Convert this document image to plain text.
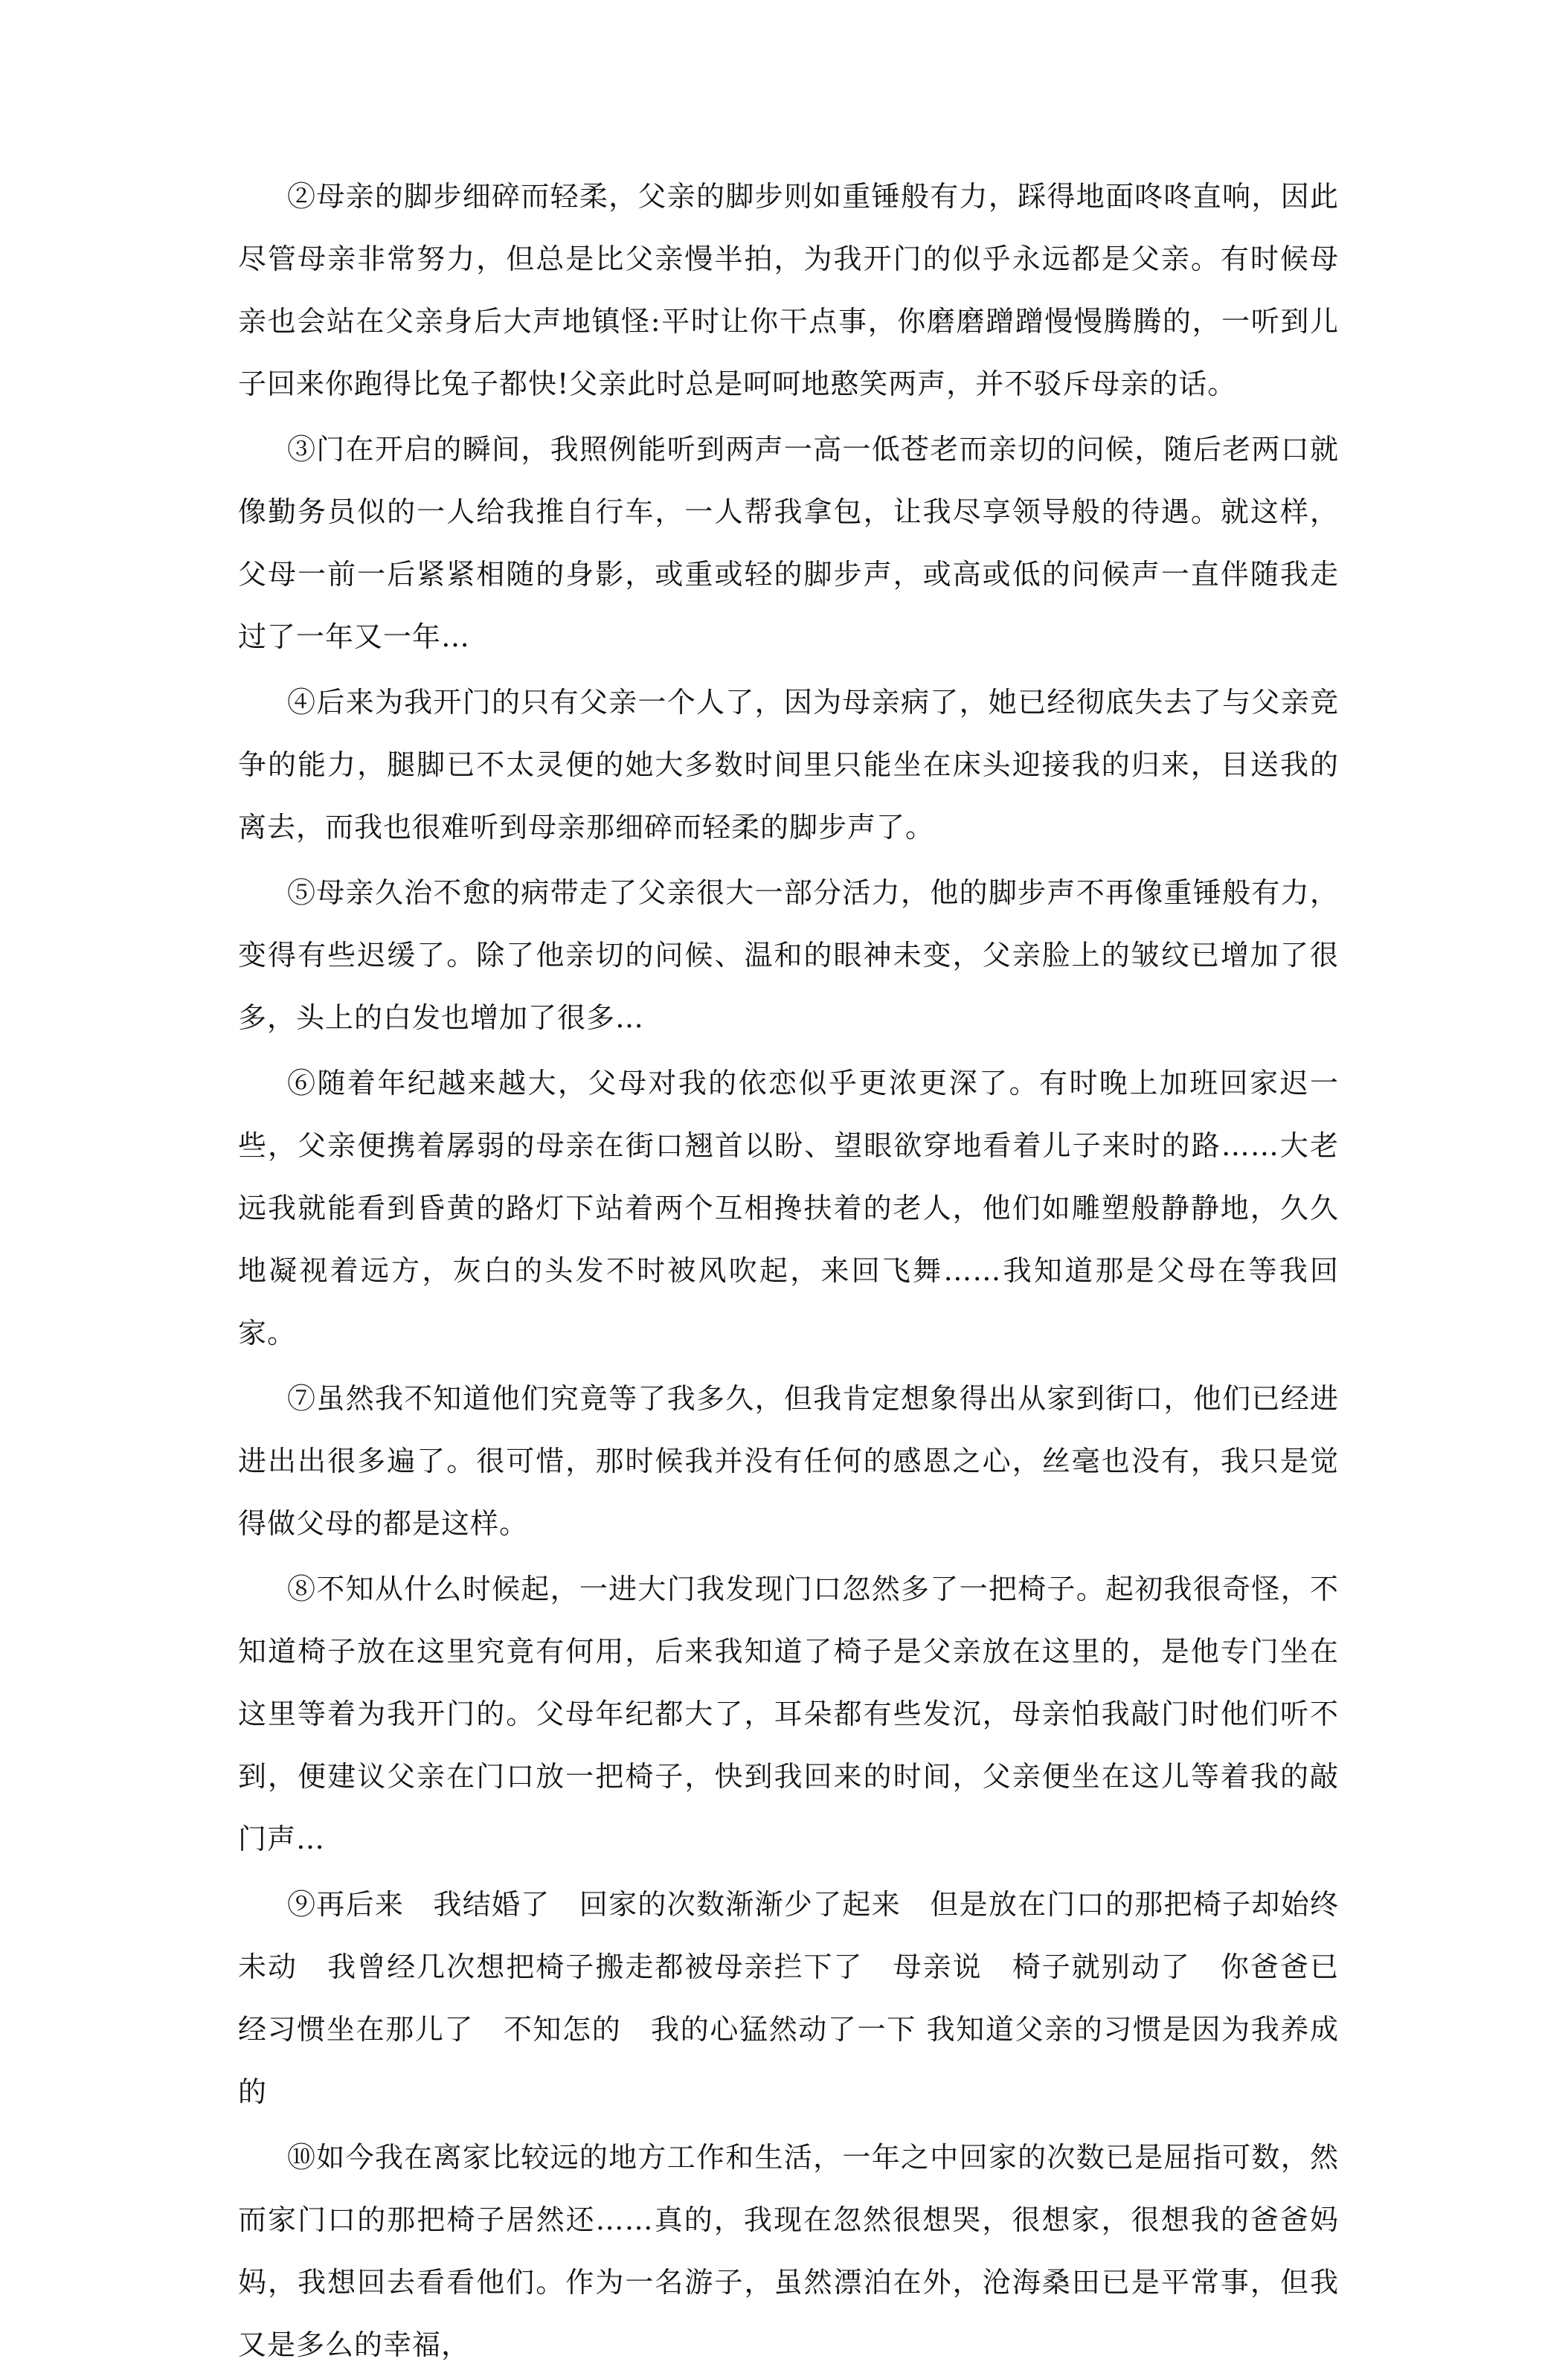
②母亲的脚步细碎而轻柔，父亲的脚步则如重锤般有力，踩得地面咚咚直响，因此尽管母亲非常努力，但总是比父亲慢半拍，为我开门的似乎永远都是父亲。有时候母亲也会站在父亲身后大声地镇怪:平时让你干点事，你磨磨蹭蹭慢慢腾腾的，一听到儿子回来你跑得比兔子都快!父亲此时总是呵呵地憨笑两声，并不驳斥母亲的话。

③门在开启的瞬间，我照例能听到两声一高一低苍老而亲切的问候，随后老两口就像勤务员似的一人给我推自行车，一人帮我拿包，让我尽享领导般的待遇。就这样，父母一前一后紧紧相随的身影，或重或轻的脚步声，或高或低的问候声一直伴随我走过了一年又一年…

④后来为我开门的只有父亲一个人了，因为母亲病了，她已经彻底失去了与父亲竞争的能力，腿脚已不太灵便的她大多数时间里只能坐在床头迎接我的归来，目送我的离去，而我也很难听到母亲那细碎而轻柔的脚步声了。

⑤母亲久治不愈的病带走了父亲很大一部分活力，他的脚步声不再像重锤般有力，变得有些迟缓了。除了他亲切的问候、温和的眼神未变，父亲脸上的皱纹已增加了很多，头上的白发也增加了很多…

⑥随着年纪越来越大，父母对我的依恋似乎更浓更深了。有时晚上加班回家迟一些，父亲便携着孱弱的母亲在街口翘首以盼、望眼欲穿地看着儿子来时的路……大老远我就能看到昏黄的路灯下站着两个互相搀扶着的老人，他们如雕塑般静静地，久久地凝视着远方，灰白的头发不时被风吹起，来回飞舞……我知道那是父母在等我回家。

⑦虽然我不知道他们究竟等了我多久，但我肯定想象得出从家到街口，他们已经进进出出很多遍了。很可惜，那时候我并没有任何的感恩之心，丝毫也没有，我只是觉得做父母的都是这样。

⑧不知从什么时候起，一进大门我发现门口忽然多了一把椅子。起初我很奇怪，不知道椅子放在这里究竟有何用，后来我知道了椅子是父亲放在这里的，是他专门坐在这里等着为我开门的。父母年纪都大了，耳朵都有些发沉，母亲怕我敲门时他们听不到，便建议父亲在门口放一把椅子，快到我回来的时间，父亲便坐在这儿等着我的敲门声…

⑨再后来　我结婚了　回家的次数渐渐少了起来　但是放在门口的那把椅子却始终未动　我曾经几次想把椅子搬走都被母亲拦下了　母亲说　椅子就别动了　你爸爸已经习惯坐在那儿了　不知怎的　我的心猛然动了一下 我知道父亲的习惯是因为我养成的

⑩如今我在离家比较远的地方工作和生活，一年之中回家的次数已是屈指可数，然而家门口的那把椅子居然还……真的，我现在忽然很想哭，很想家，很想我的爸爸妈妈，我想回去看看他们。作为一名游子，虽然漂泊在外，沧海桑田已是平常事，但我又是多么的幸福，
